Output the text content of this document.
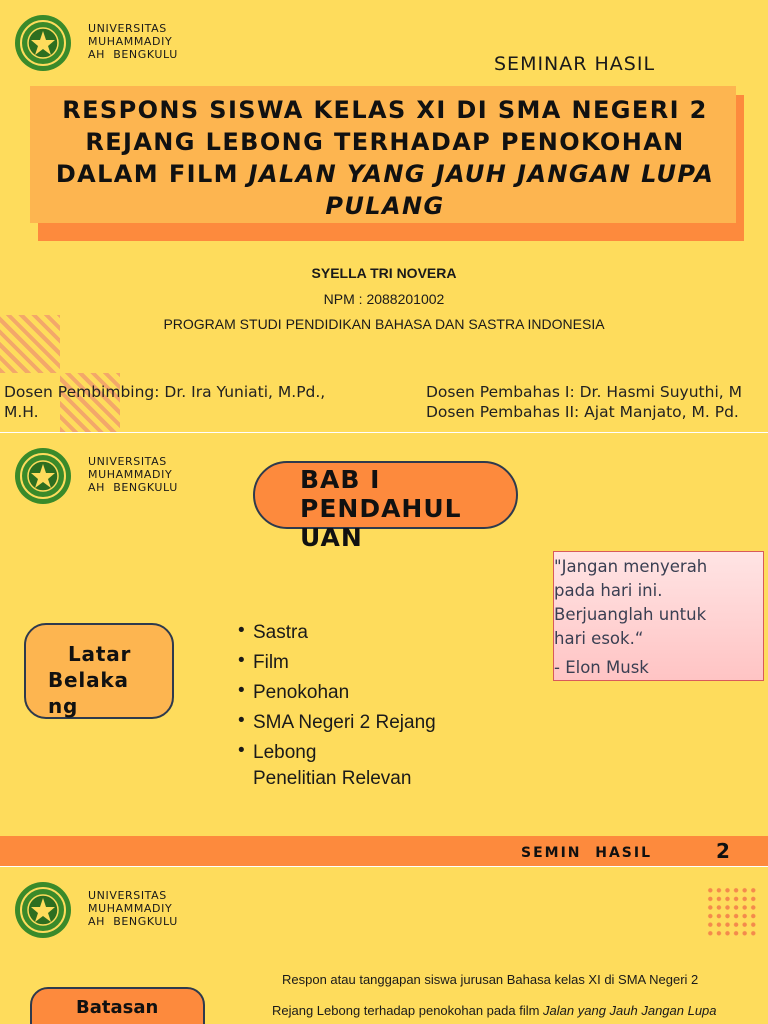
UNIVERSITAS
MUHAMMADIY
AH  BENGKULU	SEMINAR HASIL
RESPONS SISWA KELAS XI DI SMA NEGERI 2 REJANG LEBONG TERHADAP PENOKOHAN DALAM FILM JALAN YANG JAUH JANGAN LUPA PULANG
SYELLA TRI NOVERA
NPM : 2088201002
PROGRAM STUDI PENDIDIKAN BAHASA DAN SASTRA INDONESIA
Dosen Pembimbing: Dr. Ira Yuniati, M.Pd.,
M.H.
Dosen Pembahas I: Dr. Hasmi Suyuthi, M
Dosen Pembahas II: Ajat Manjato, M. Pd.
UNIVERSITAS
MUHAMMADIY
AH  BENGKULU	BAB I
PENDAHUL
UAN
"Jangan menyerah
pada hari ini.
Berjuanglah untuk
hari esok.“
- Elon Musk
Latar
Belaka
ng
• Sastra
• Film
• Penokohan
• SMA Negeri 2 Rejang
• Lebong
Penelitian Relevan
SEMIN  HASIL	2
UNIVERSITAS
MUHAMMADIY
AH  BENGKULU
Respon atau tanggapan siswa jurusan Bahasa kelas XI di SMA Negeri 2
Rejang Lebong terhadap penokohan pada film Jalan yang Jauh Jangan Lupa
Batasan
